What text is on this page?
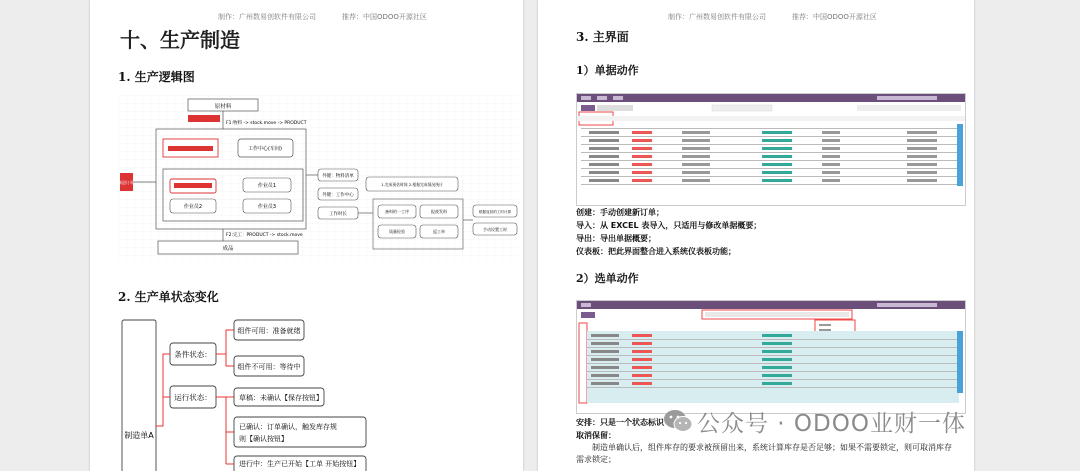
制作：广州数易创软件有限公司	推荐：中国ODOO开源社区
十、生产制造
1. 生产逻辑图
原材料
F1:物料 -> stock.move -> PRODUCT
工作中心(车间)
作业员1
作业员2	作业员3
制造订单
外键：物料清单
外键：工作中心
工作时长
1.完成预估时间 2.根据完成情况统计
备料的一工序	报废发料
质量检验	返工单
根据返回的工时计算
手动设置工时
F2:完工：PRODUCT -> stock.move
成品
2. 生产单状态变化
制造单A
条件状态：
运行状态：
组件可用：准备就绪
组件不可用：等待中
草稿：未确认【保存按钮】
已确认：订单确认，触发库存规
则【确认按钮】
进行中：生产已开始【工单 开始按钮】
制作：广州数易创软件有限公司	推荐：中国ODOO开源社区
3. 主界面
1）单据动作
创建：手动创建新订单；
导入：从 EXCEL 表导入，只适用与修改单据概要；
导出：导出单据概要；
仪表板：把此界面整合进入系统仪表板功能；
2）选单动作
安排：只是一个状态标识
取消保留：
制造单确认后，组件库存的要求被预留出来，系统计算库存是否足够；如果不需要锁定，则可取消库存需求锁定；
公众号 · ODOO业财一体
